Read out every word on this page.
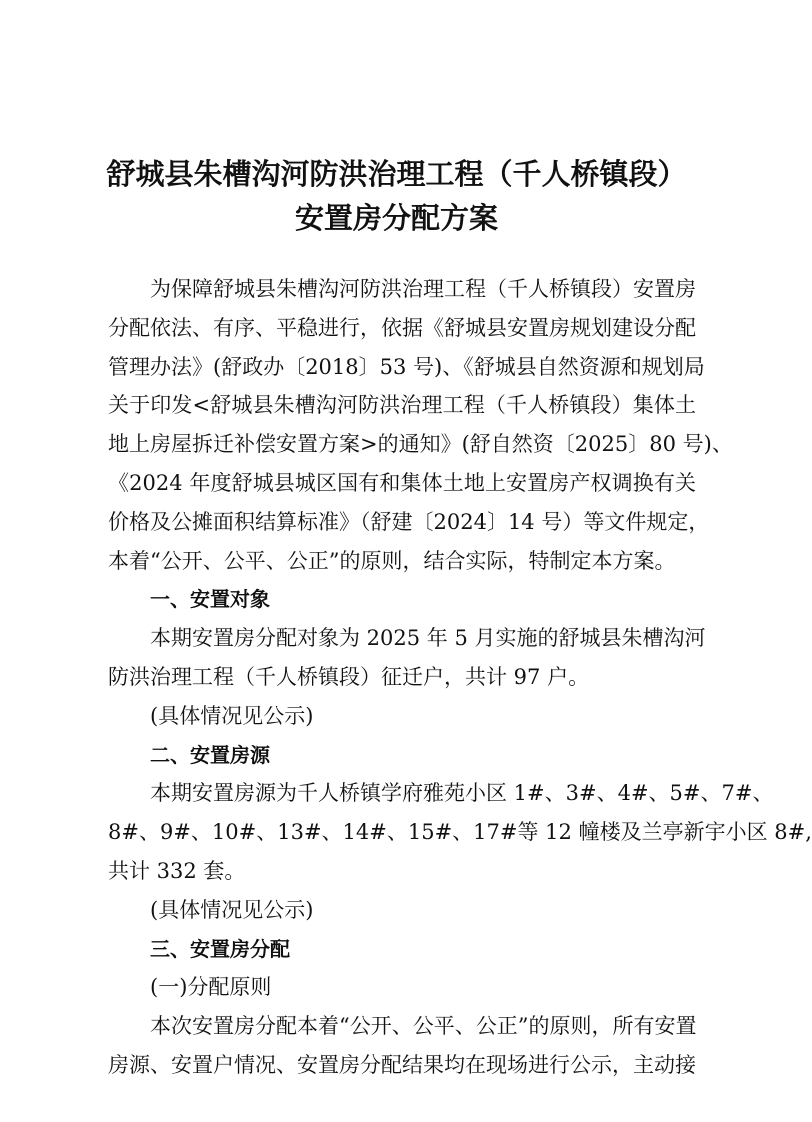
舒城县朱槽沟河防洪治理工程（千人桥镇段）
安置房分配方案
为保障舒城县朱槽沟河防洪治理工程（千人桥镇段）安置房
分配依法、有序、平稳进行，依据《舒城县安置房规划建设分配
管理办法》(舒政办〔2018〕53 号)、《舒城县自然资源和规划局
关于印发<舒城县朱槽沟河防洪治理工程（千人桥镇段）集体土
地上房屋拆迁补偿安置方案>的通知》(舒自然资〔2025〕80 号)、
《2024 年度舒城县城区国有和集体土地上安置房产权调换有关
价格及公摊面积结算标准》（舒建〔2024〕14 号）等文件规定，
本着“公开、公平、公正”的原则，结合实际，特制定本方案。
一、安置对象
本期安置房分配对象为 2025 年 5 月实施的舒城县朱槽沟河
防洪治理工程（千人桥镇段）征迁户，共计 97 户。
(具体情况见公示)
二、安置房源
本期安置房源为千人桥镇学府雅苑小区 1#、3#、4#、5#、7#、
8#、9#、10#、13#、14#、15#、17#等 12 幢楼及兰亭新宇小区 8#,
共计 332 套。
(具体情况见公示)
三、安置房分配
(一)分配原则
本次安置房分配本着“公开、公平、公正”的原则，所有安置
房源、安置户情况、安置房分配结果均在现场进行公示，主动接
